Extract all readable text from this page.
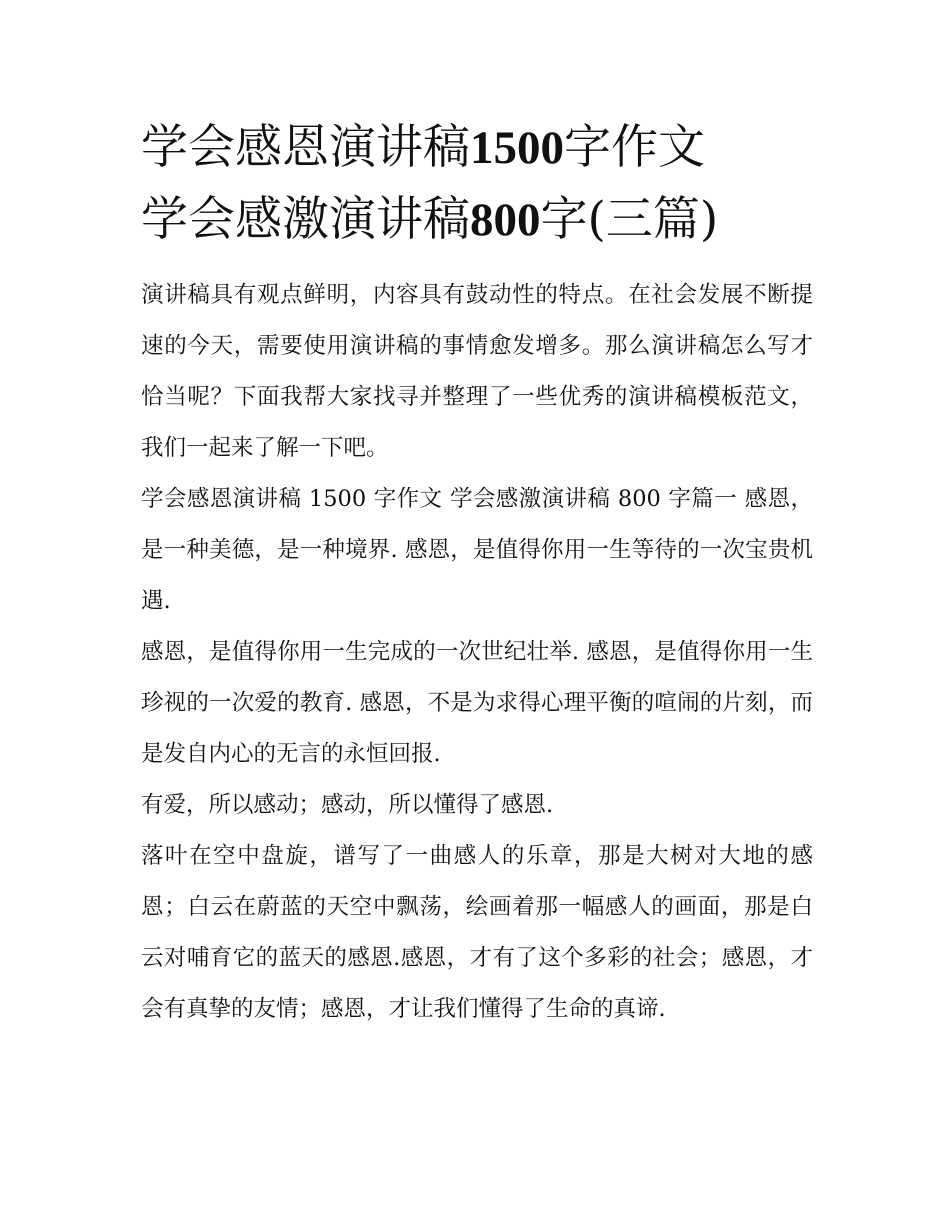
学会感恩演讲稿1500字作文
学会感激演讲稿800字(三篇)

演讲稿具有观点鲜明，内容具有鼓动性的特点。在社会发展不断提速的今天，需要使用演讲稿的事情愈发增多。那么演讲稿怎么写才恰当呢？下面我帮大家找寻并整理了一些优秀的演讲稿模板范文，我们一起来了解一下吧。

学会感恩演讲稿 1500 字作文 学会感激演讲稿 800 字篇一 感恩，是一种美德，是一种境界. 感恩，是值得你用一生等待的一次宝贵机遇.

感恩，是值得你用一生完成的一次世纪壮举. 感恩，是值得你用一生珍视的一次爱的教育. 感恩，不是为求得心理平衡的喧闹的片刻，而是发自内心的无言的永恒回报.

有爱，所以感动；感动，所以懂得了感恩.

落叶在空中盘旋，谱写了一曲感人的乐章，那是大树对大地的感恩；白云在蔚蓝的天空中飘荡，绘画着那一幅感人的画面，那是白云对哺育它的蓝天的感恩.感恩，才有了这个多彩的社会；感恩，才会有真挚的友情；感恩，才让我们懂得了生命的真谛.
